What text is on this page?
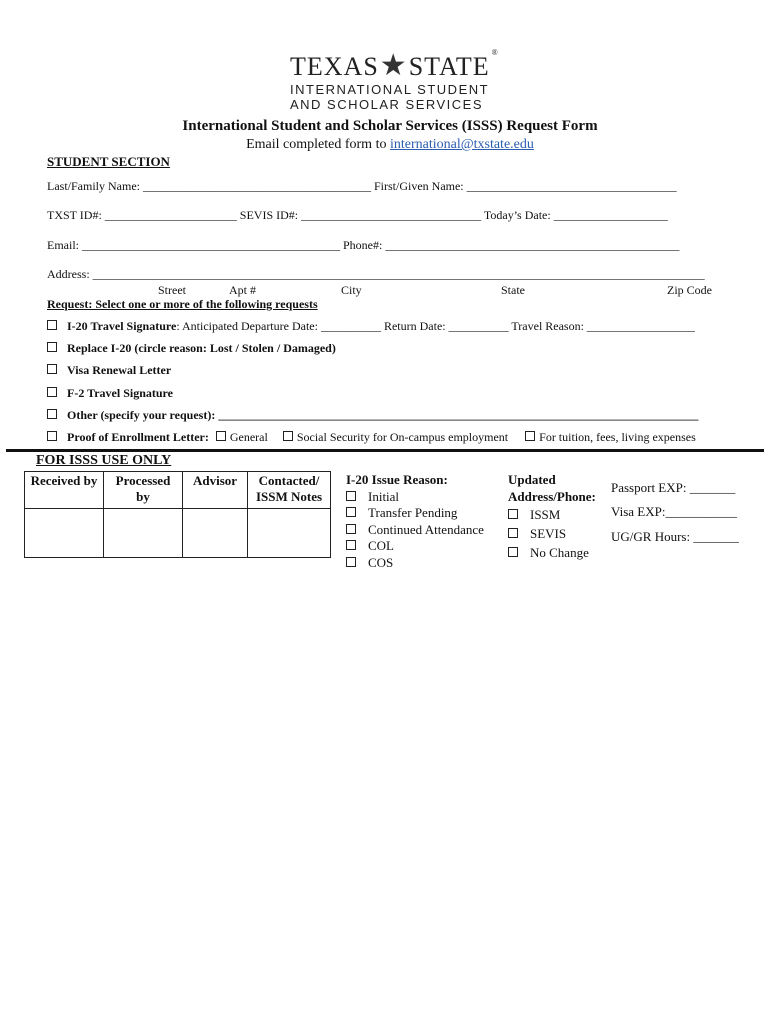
TEXAS★STATE ®
INTERNATIONAL STUDENT
AND SCHOLAR SERVICES
International Student and Scholar Services (ISSS) Request Form
Email completed form to international@txstate.edu
STUDENT SECTION
Last/Family Name: ______________________________________ First/Given Name: ___________________________________
TXST ID#: ______________________ SEVIS ID#: ______________________________ Today’s Date: ___________________
Email: ___________________________________________ Phone#: _________________________________________________
Address: ______________________________________________________________________________________________________
Street	Apt #	City	State	Zip Code
Request: Select one or more of the following requests
I-20 Travel Signature: Anticipated Departure Date: __________ Return Date: __________ Travel Reason: __________________
Replace I-20 (circle reason: Lost / Stolen / Damaged)
Visa Renewal Letter
F-2 Travel Signature
Other (specify your request): ________________________________________________________________________________
Proof of Enrollment Letter: General Social Security for On-campus employment	For tuition, fees, living expenses
FOR ISSS USE ONLY
Received by	Processed by	Advisor	Contacted/ ISSM Notes

I-20 Issue Reason:
Initial
Transfer Pending
Continued Attendance
COL
COS
Updated
Address/Phone:
ISSM
SEVIS
No Change
Passport EXP: _______
Visa EXP:___________
UG/GR Hours: _______
